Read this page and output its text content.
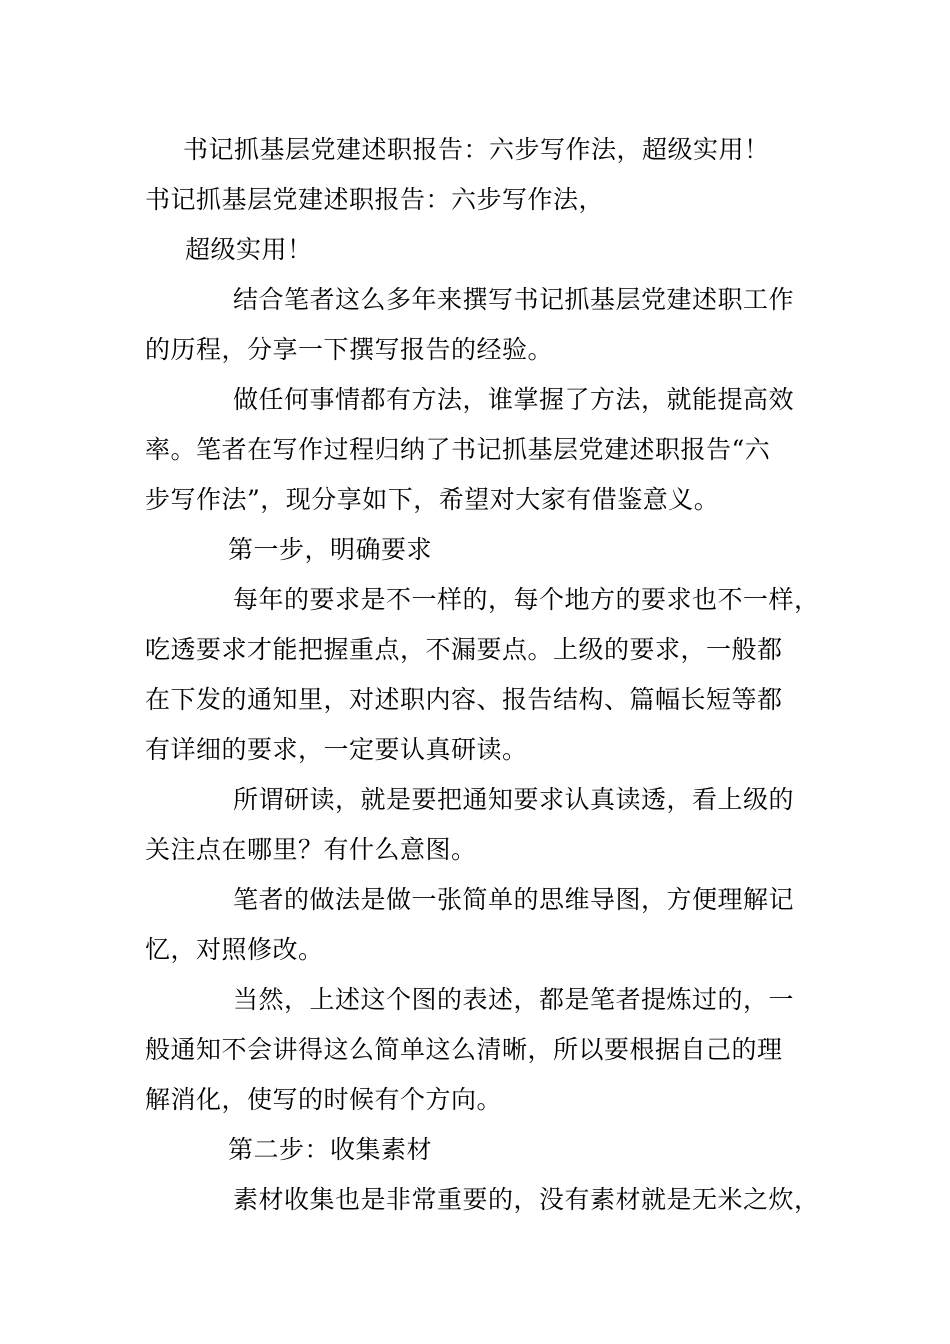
书记抓基层党建述职报告：六步写作法，超级实用！
书记抓基层党建述职报告：六步写作法，
超级实用！
结合笔者这么多年来撰写书记抓基层党建述职工作
的历程，分享一下撰写报告的经验。
做任何事情都有方法，谁掌握了方法，就能提高效
率。笔者在写作过程归纳了书记抓基层党建述职报告“六
步写作法”，现分享如下，希望对大家有借鉴意义。
第一步，明确要求
每年的要求是不一样的，每个地方的要求也不一样，
吃透要求才能把握重点，不漏要点。上级的要求，一般都
在下发的通知里，对述职内容、报告结构、篇幅长短等都
有详细的要求，一定要认真研读。
所谓研读，就是要把通知要求认真读透，看上级的
关注点在哪里？有什么意图。
笔者的做法是做一张简单的思维导图，方便理解记
忆，对照修改。
当然，上述这个图的表述，都是笔者提炼过的，一
般通知不会讲得这么简单这么清晰，所以要根据自己的理
解消化，使写的时候有个方向。
第二步：收集素材
素材收集也是非常重要的，没有素材就是无米之炊，
